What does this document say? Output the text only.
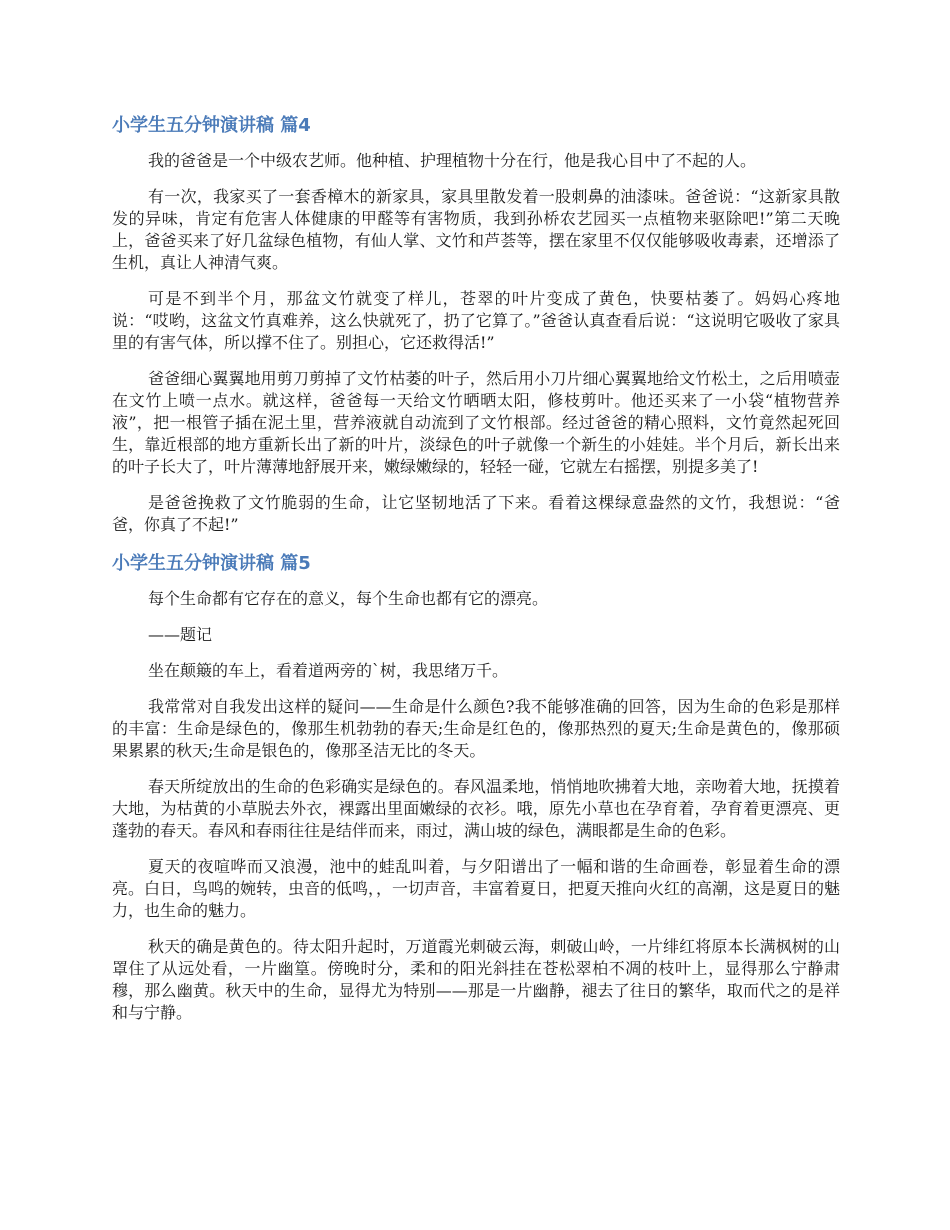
小学生五分钟演讲稿 篇4

我的爸爸是一个中级农艺师。他种植、护理植物十分在行，他是我心目中了不起的人。

有一次，我家买了一套香樟木的新家具，家具里散发着一股刺鼻的油漆味。爸爸说：“这新家具散发的异味，肯定有危害人体健康的甲醛等有害物质，我到孙桥农艺园买一点植物来驱除吧!”第二天晚上，爸爸买来了好几盆绿色植物，有仙人掌、文竹和芦荟等，摆在家里不仅仅能够吸收毒素，还增添了生机，真让人神清气爽。

可是不到半个月，那盆文竹就变了样儿，苍翠的叶片变成了黄色，快要枯萎了。妈妈心疼地说：“哎哟，这盆文竹真难养，这么快就死了，扔了它算了。”爸爸认真查看后说：“这说明它吸收了家具里的有害气体，所以撑不住了。别担心，它还救得活!”

爸爸细心翼翼地用剪刀剪掉了文竹枯萎的叶子，然后用小刀片细心翼翼地给文竹松土，之后用喷壶在文竹上喷一点水。就这样，爸爸每一天给文竹晒晒太阳，修枝剪叶。他还买来了一小袋“植物营养液”，把一根管子插在泥土里，营养液就自动流到了文竹根部。经过爸爸的精心照料，文竹竟然起死回生，靠近根部的地方重新长出了新的叶片，淡绿色的叶子就像一个新生的小娃娃。半个月后，新长出来的叶子长大了，叶片薄薄地舒展开来，嫩绿嫩绿的，轻轻一碰，它就左右摇摆，别提多美了!

是爸爸挽救了文竹脆弱的生命，让它坚韧地活了下来。看着这棵绿意盎然的文竹，我想说：“爸爸，你真了不起!”

小学生五分钟演讲稿 篇5

每个生命都有它存在的意义，每个生命也都有它的漂亮。

——题记

坐在颠簸的车上，看着道两旁的`树，我思绪万千。

我常常对自我发出这样的疑问——生命是什么颜色?我不能够准确的回答，因为生命的色彩是那样的丰富：生命是绿色的，像那生机勃勃的春天;生命是红色的，像那热烈的夏天;生命是黄色的，像那硕果累累的秋天;生命是银色的，像那圣洁无比的冬天。

春天所绽放出的生命的色彩确实是绿色的。春风温柔地，悄悄地吹拂着大地，亲吻着大地，抚摸着大地，为枯黄的小草脱去外衣，裸露出里面嫩绿的衣衫。哦，原先小草也在孕育着，孕育着更漂亮、更蓬勃的春天。春风和春雨往往是结伴而来，雨过，满山坡的绿色，满眼都是生命的色彩。

夏天的夜喧哗而又浪漫，池中的蛙乱叫着，与夕阳谱出了一幅和谐的生命画卷，彰显着生命的漂亮。白日，鸟鸣的婉转，虫音的低鸣，，一切声音，丰富着夏日，把夏天推向火红的高潮，这是夏日的魅力，也生命的魅力。

秋天的确是黄色的。待太阳升起时，万道霞光刺破云海，刺破山岭，一片绯红将原本长满枫树的山罩住了从远处看，一片幽篁。傍晚时分，柔和的阳光斜挂在苍松翠柏不凋的枝叶上，显得那么宁静肃穆，那么幽黄。秋天中的生命，显得尤为特别——那是一片幽静，褪去了往日的繁华，取而代之的是祥和与宁静。
